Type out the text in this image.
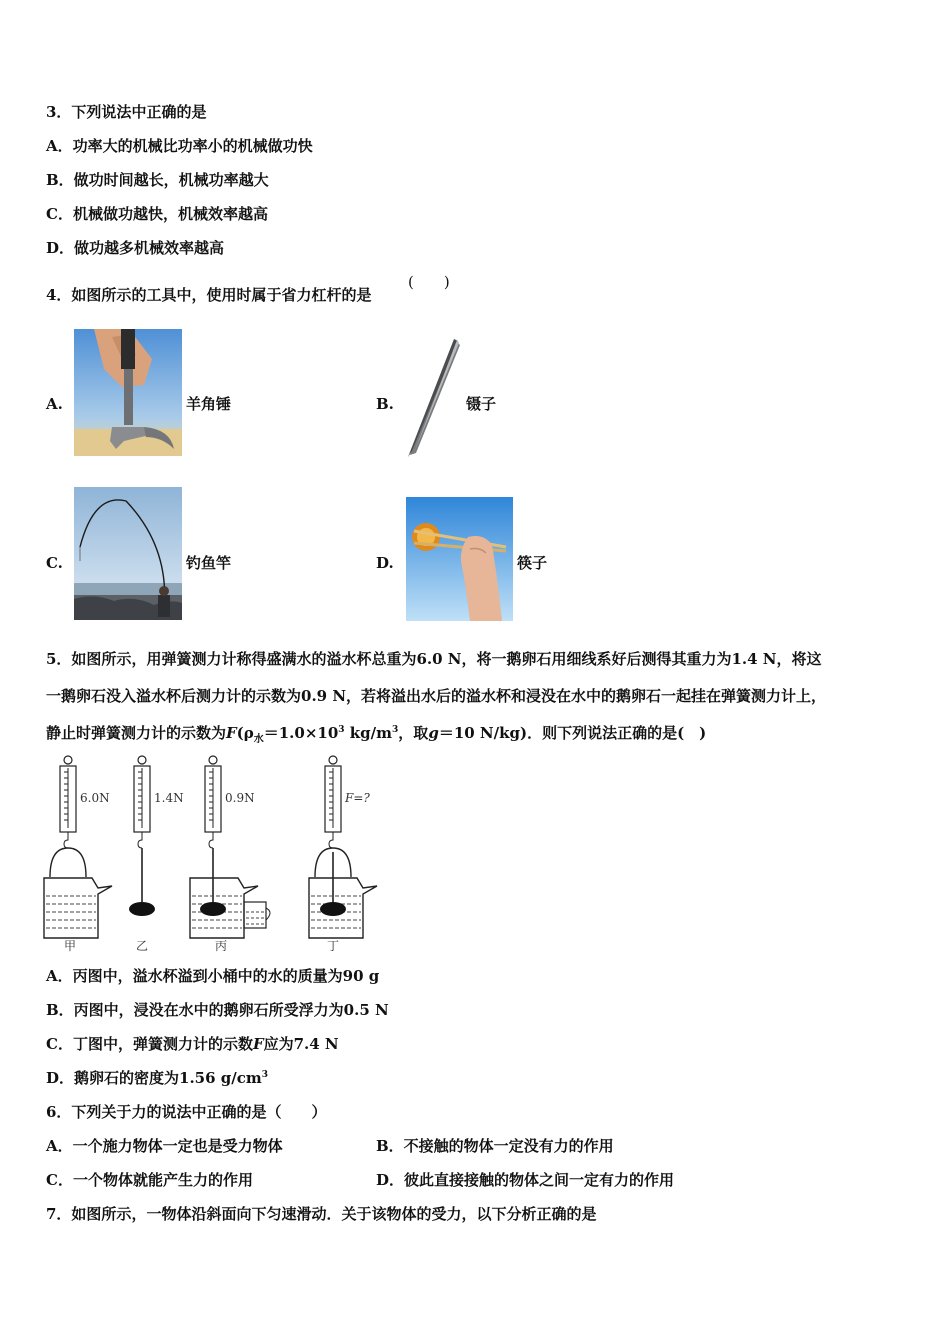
3．下列说法中正确的是
A．功率大的机械比功率小的机械做功快
B．做功时间越长，机械功率越大
C．机械做功越快，机械效率越高
D．做功越多机械效率越高
4．如图所示的工具中，使用时属于省力杠杆的是
(　　)
A.	羊角锤	B.	镊子
C.	钓鱼竿	D.	筷子
5．如图所示，用弹簧测力计称得盛满水的溢水杯总重为6.0 N，将一鹅卵石用细线系好后测得其重力为1.4 N，将这
一鹅卵石没入溢水杯后测力计的示数为0.9 N，若将溢出水后的溢水杯和浸没在水中的鹅卵石一起挂在弹簧测力计上，
静止时弹簧测力计的示数为$F(\rho_水=1.0\times 10^3$ $kg/m^3$，取g＝10 N/kg)．则下列说法正确的是(　)
6.0N	1.4N	0.9N	F=?
甲	乙	丙	丁
A．丙图中，溢水杯溢到小桶中的水的质量为90 g
B．丙图中，浸没在水中的鹅卵石所受浮力为0.5 N
C．丁图中，弹簧测力计的示数F应为7.4 N
D．鹅卵石的密度为1.56 $g/cm^3$
6．下列关于力的说法中正确的是（　　）
A．一个施力物体一定也是受力物体	B．不接触的物体一定没有力的作用
C．一个物体就能产生力的作用	D．彼此直接接触的物体之间一定有力的作用
7．如图所示，一物体沿斜面向下匀速滑动．关于该物体的受力，以下分析正确的是
